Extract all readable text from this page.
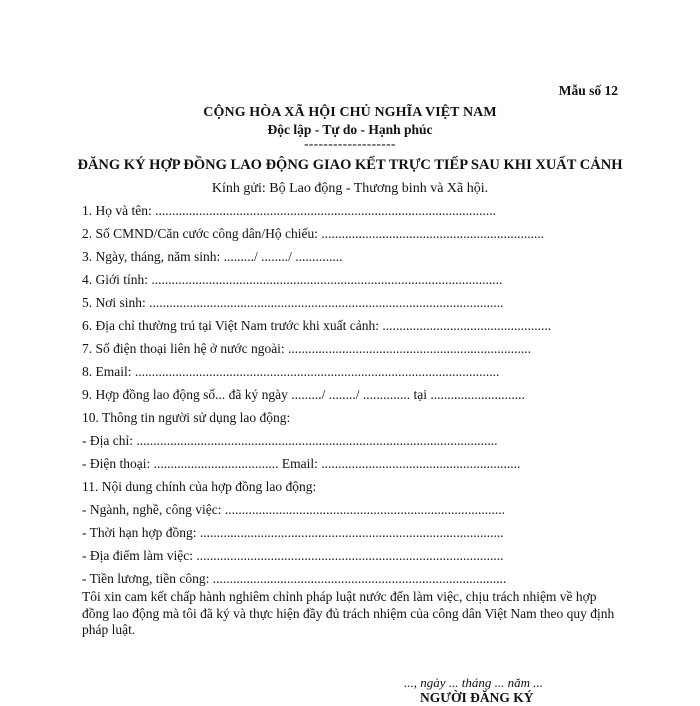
Mẫu số 12
CỘNG HÒA XÃ HỘI CHỦ NGHĨA VIỆT NAM
Độc lập - Tự do - Hạnh phúc
-------------------
ĐĂNG KÝ HỢP ĐỒNG LAO ĐỘNG GIAO KẾT TRỰC TIẾP SAU KHI XUẤT CẢNH
Kính gửi: Bộ Lao động - Thương binh và Xã hội.
1. Họ và tên: .....................................................................................................
2. Số CMND/Căn cước công dân/Hộ chiếu: ..................................................................
3. Ngày, tháng, năm sinh: ........./ ......../ ..............
4. Giới tính: ........................................................................................................
5. Nơi sinh: .........................................................................................................
6. Địa chỉ thường trú tại Việt Nam trước khi xuất cảnh: ..................................................
7. Số điện thoại liên hệ ở nước ngoài: ........................................................................
8. Email: ............................................................................................................
9. Hợp đồng lao động số... đã ký ngày ........./ ......../ .............. tại ............................
10. Thông tin người sử dụng lao động:
- Địa chỉ: ...........................................................................................................
- Điện thoại: ..................................... Email: ...........................................................
11. Nội dung chính của hợp đồng lao động:
- Ngành, nghề, công việc: ...................................................................................
- Thời hạn hợp đồng: ..........................................................................................
- Địa điểm làm việc: ...........................................................................................
- Tiền lương, tiền công: .......................................................................................
Tôi xin cam kết chấp hành nghiêm chỉnh pháp luật nước đến làm việc, chịu trách nhiệm về hợp đồng lao động mà tôi đã ký và thực hiện đầy đủ trách nhiệm của công dân Việt Nam theo quy định pháp luật.
..., ngày ... tháng ... năm ...
NGƯỜI ĐĂNG KÝ
